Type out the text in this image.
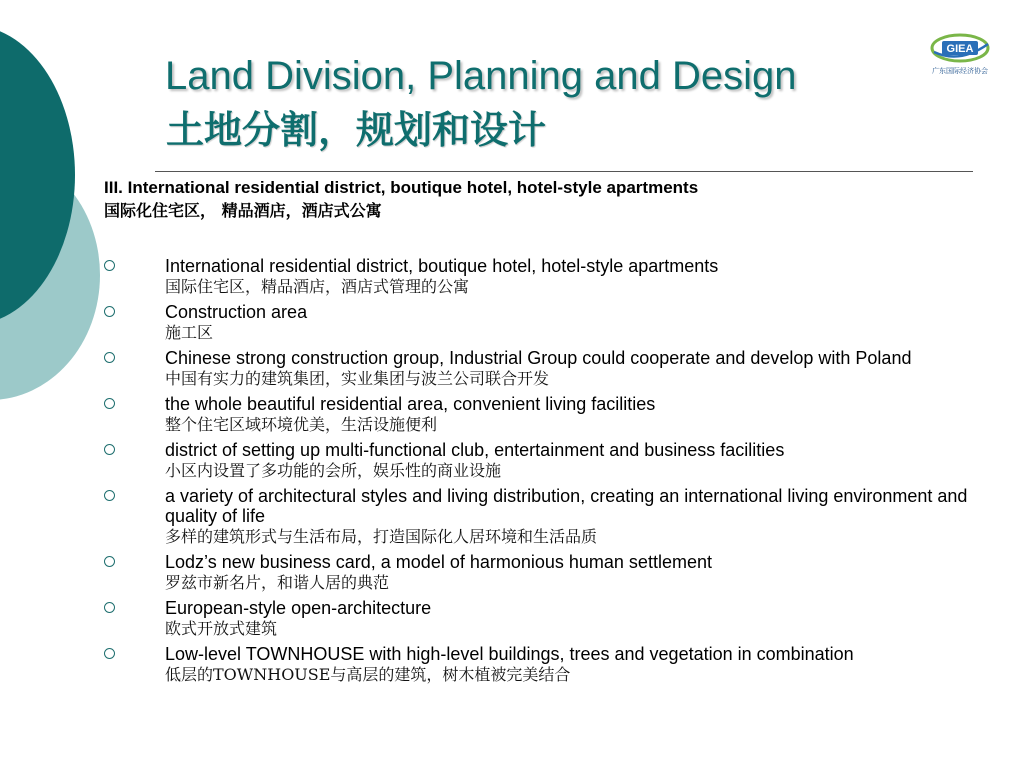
Land Division, Planning and Design
土地分割，规划和设计
GIEA
广东国际经济协会
III. International residential district, boutique hotel, hotel-style apartments
国际化住宅区， 精品酒店，酒店式公寓
International residential district, boutique hotel, hotel-style apartments
国际住宅区，精品酒店，酒店式管理的公寓
Construction area
施工区
Chinese strong construction group, Industrial Group could cooperate and develop with Poland
中国有实力的建筑集团，实业集团与波兰公司联合开发
the whole beautiful residential area, convenient living facilities
整个住宅区域环境优美，生活设施便利
district of setting up multi-functional club, entertainment and business facilities
小区内设置了多功能的会所，娱乐性的商业设施
a variety of architectural styles and living distribution, creating an international living environment and quality of life
多样的建筑形式与生活布局，打造国际化人居环境和生活品质
Lodz’s new business card, a model of harmonious human settlement
罗兹市新名片，和谐人居的典范
European-style open-architecture
欧式开放式建筑
Low-level TOWNHOUSE with high-level buildings, trees and vegetation in combination
低层的TOWNHOUSE与高层的建筑，树木植被完美结合
